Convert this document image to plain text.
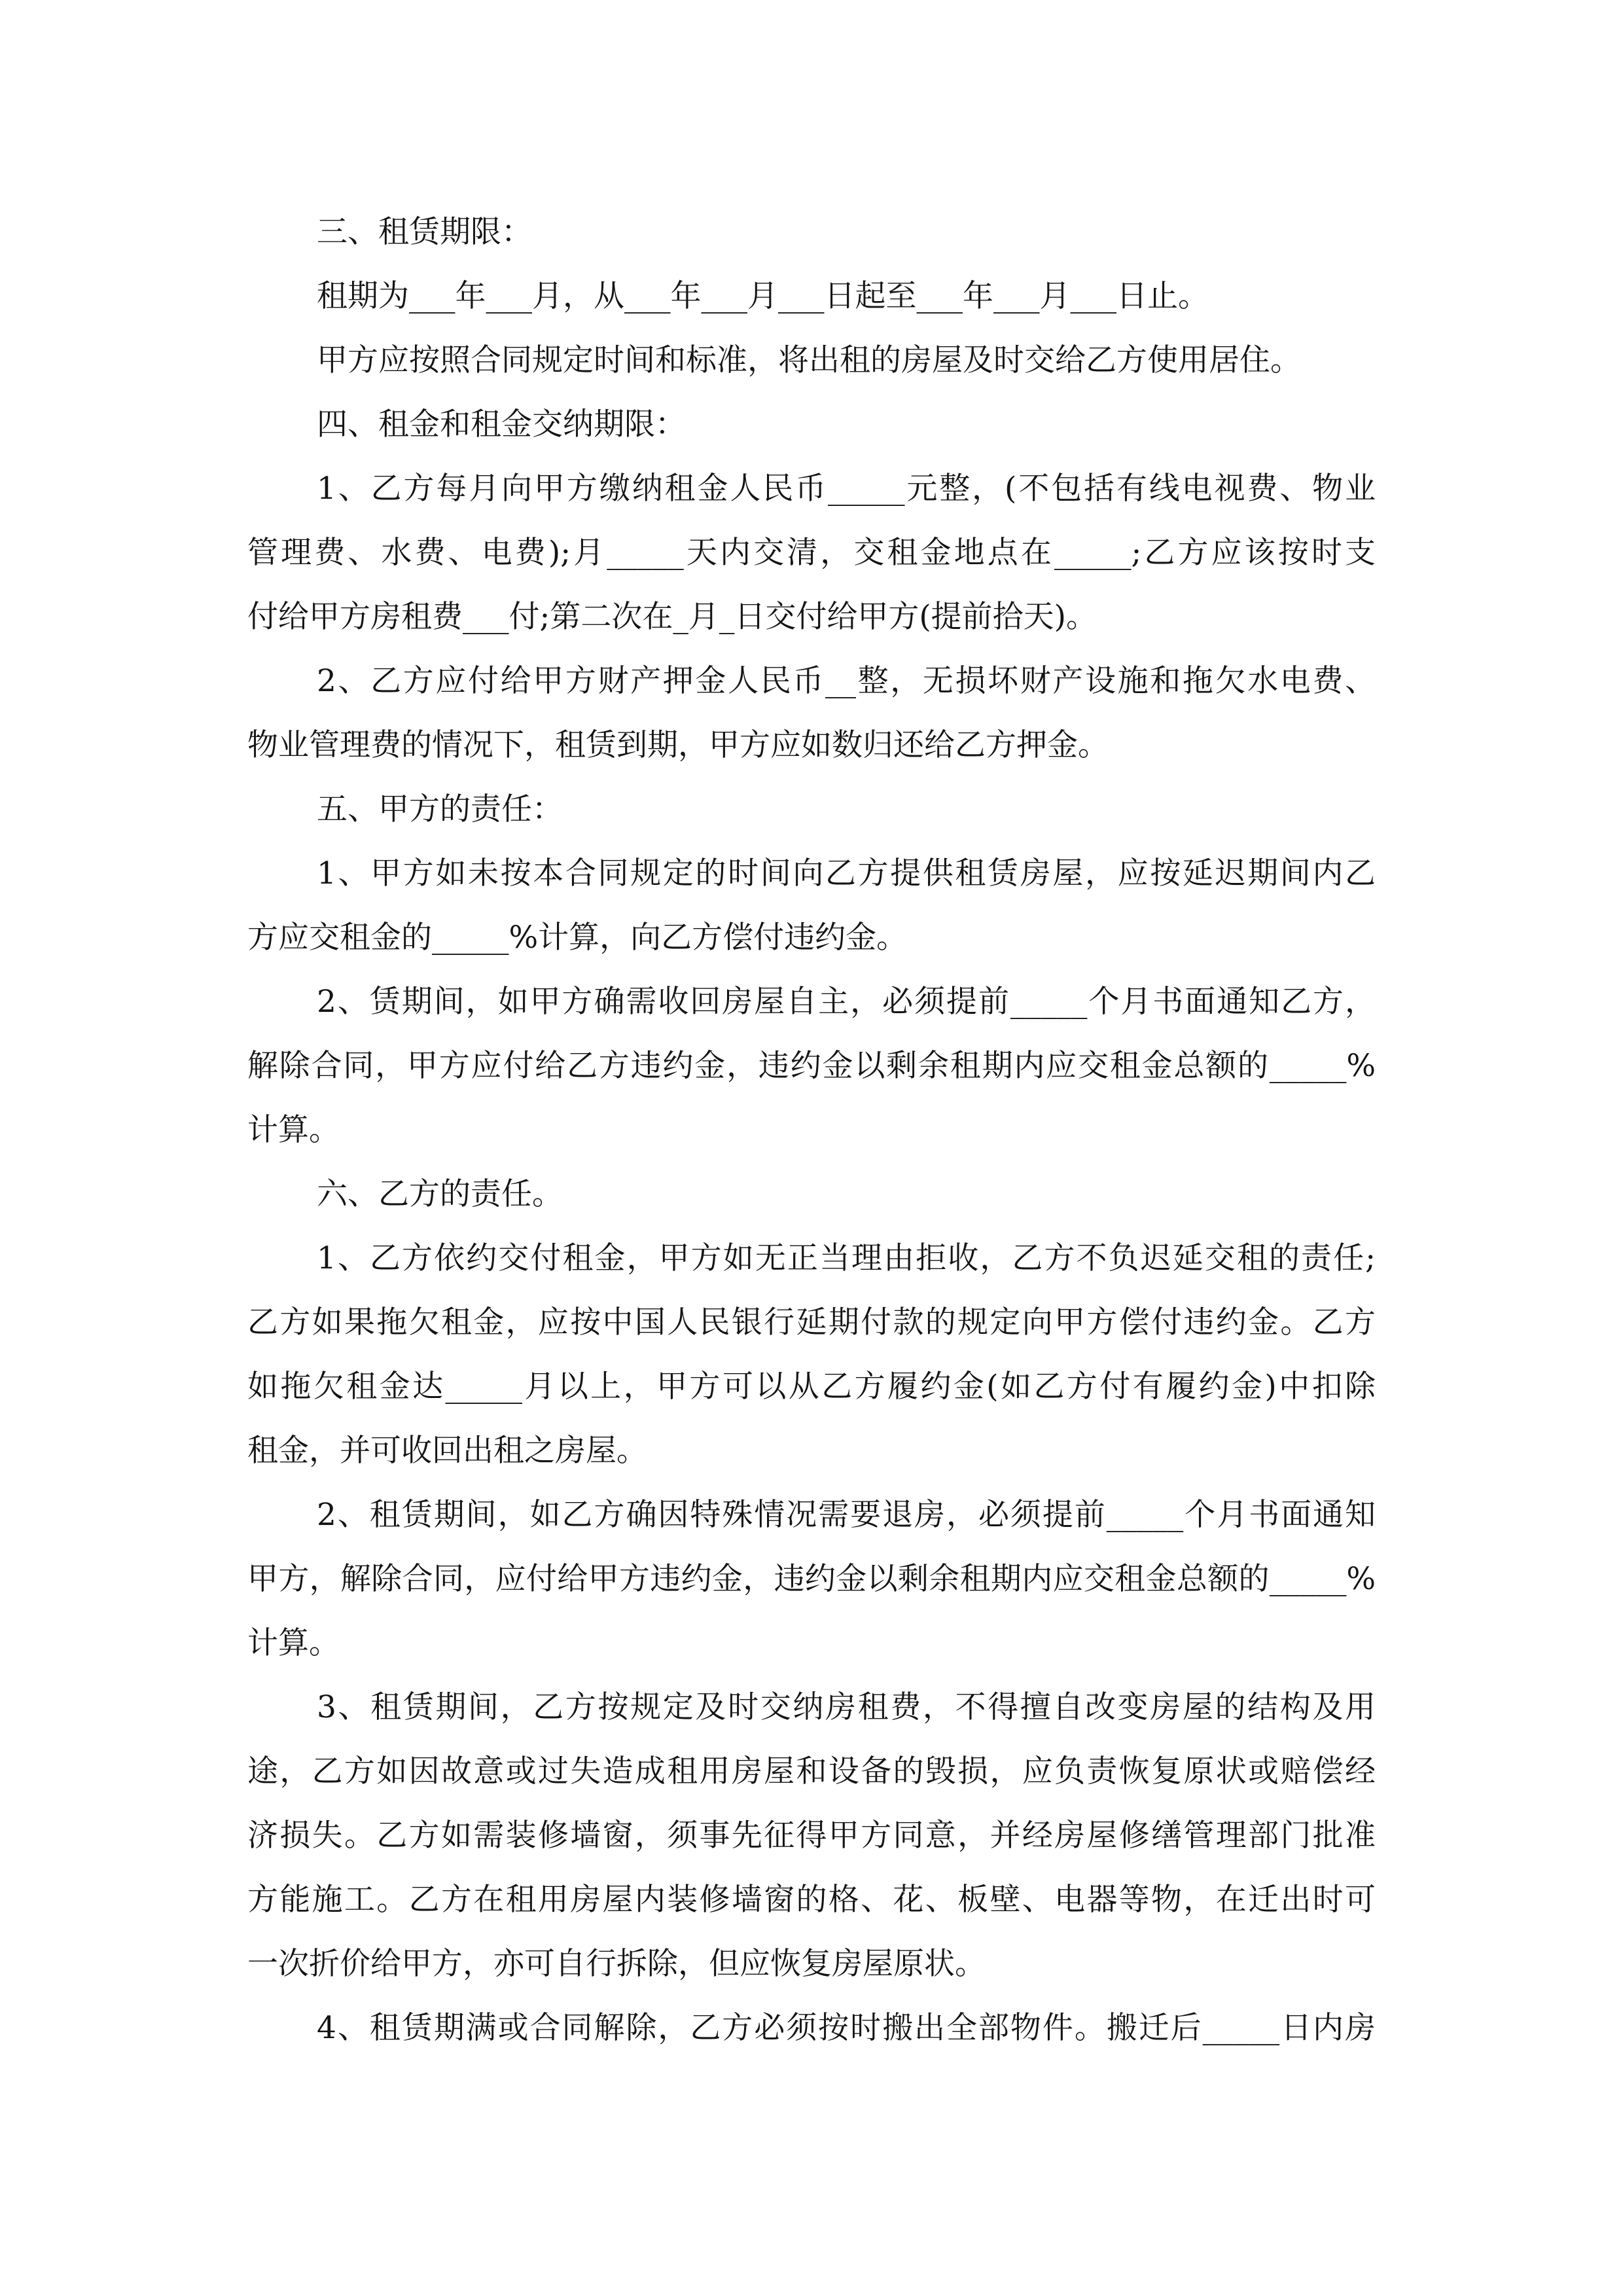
三、租赁期限：
租期为___年___月，从___年___月___日起至___年___月___日止。
甲方应按照合同规定时间和标准，将出租的房屋及时交给乙方使用居住。
四、租金和租金交纳期限：
1、乙方每月向甲方缴纳租金人民币_____元整，(不包括有线电视费、物业
管理费、水费、电费);月_____天内交清，交租金地点在_____;乙方应该按时支
付给甲方房租费___付;第二次在_月_日交付给甲方(提前拾天)。
2、乙方应付给甲方财产押金人民币__整，无损坏财产设施和拖欠水电费、
物业管理费的情况下，租赁到期，甲方应如数归还给乙方押金。
五、甲方的责任：
1、甲方如未按本合同规定的时间向乙方提供租赁房屋，应按延迟期间内乙
方应交租金的_____%计算，向乙方偿付违约金。
2、赁期间，如甲方确需收回房屋自主，必须提前_____个月书面通知乙方，
解除合同，甲方应付给乙方违约金，违约金以剩余租期内应交租金总额的_____%
计算。
六、乙方的责任。
1、乙方依约交付租金，甲方如无正当理由拒收，乙方不负迟延交租的责任;
乙方如果拖欠租金，应按中国人民银行延期付款的规定向甲方偿付违约金。乙方
如拖欠租金达_____月以上，甲方可以从乙方履约金(如乙方付有履约金)中扣除
租金，并可收回出租之房屋。
2、租赁期间，如乙方确因特殊情况需要退房，必须提前_____个月书面通知
甲方，解除合同，应付给甲方违约金，违约金以剩余租期内应交租金总额的_____%
计算。
3、租赁期间，乙方按规定及时交纳房租费，不得擅自改变房屋的结构及用
途，乙方如因故意或过失造成租用房屋和设备的毁损，应负责恢复原状或赔偿经
济损失。乙方如需装修墙窗，须事先征得甲方同意，并经房屋修缮管理部门批准
方能施工。乙方在租用房屋内装修墙窗的格、花、板壁、电器等物，在迁出时可
一次折价给甲方，亦可自行拆除，但应恢复房屋原状。
4、租赁期满或合同解除，乙方必须按时搬出全部物件。搬迁后_____日内房
